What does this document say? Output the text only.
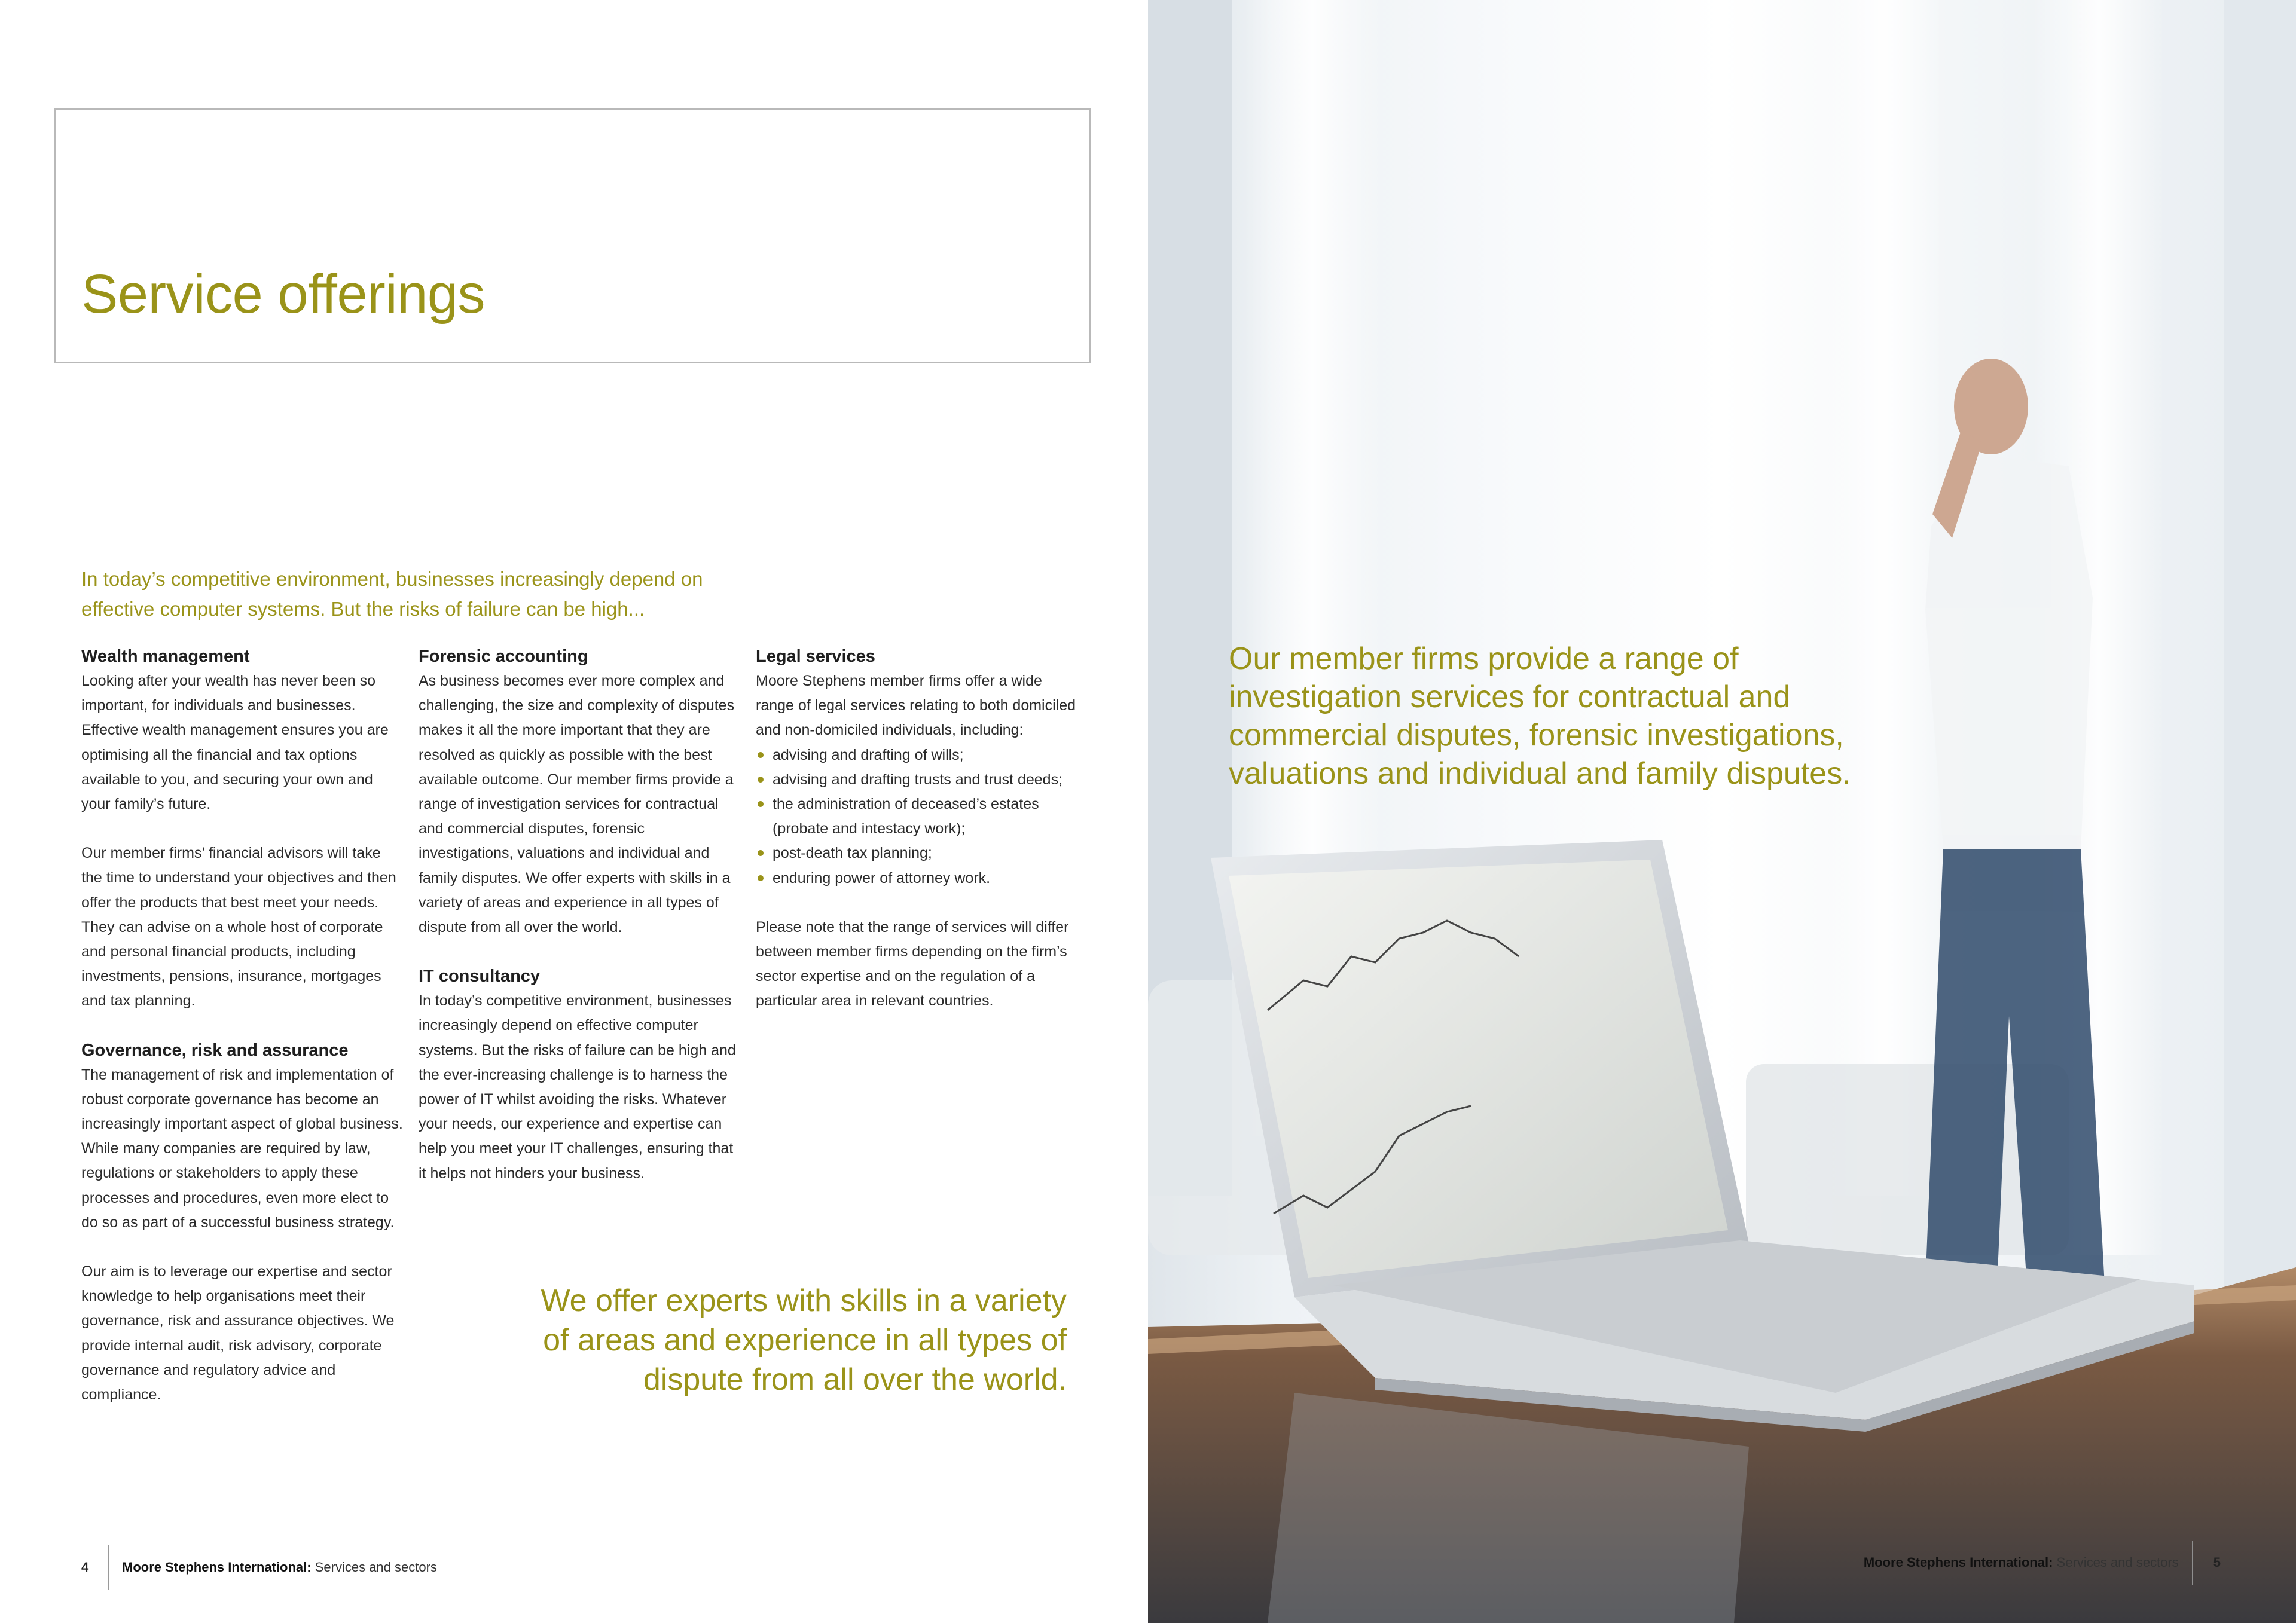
Service offerings

In today’s competitive environment, businesses increasingly depend on effective computer systems. But the risks of failure can be high...

Wealth management

Looking after your wealth has never been so important, for individuals and businesses. Effective wealth management ensures you are optimising all the financial and tax options available to you, and securing your own and your family’s future.

Our member firms’ financial advisors will take the time to understand your objectives and then offer the products that best meet your needs. They can advise on a whole host of corporate and personal financial products, including investments, pensions, insurance, mortgages and tax planning.

Governance, risk and assurance

The management of risk and implementation of robust corporate governance has become an increasingly important aspect of global business. While many companies are required by law, regulations or stakeholders to apply these processes and procedures, even more elect to do so as part of a successful business strategy.

Our aim is to leverage our expertise and sector knowledge to help organisations meet their governance, risk and assurance objectives. We provide internal audit, risk advisory, corporate governance and regulatory advice and compliance.

Forensic accounting

As business becomes ever more complex and challenging, the size and complexity of disputes makes it all the more important that they are resolved as quickly as possible with the best available outcome. Our member firms provide a range of investigation services for contractual and commercial disputes, forensic investigations, valuations and individual and family disputes. We offer experts with skills in a variety of areas and experience in all types of dispute from all over the world.

IT consultancy

In today’s competitive environment, businesses increasingly depend on effective computer systems. But the risks of failure can be high and the ever-increasing challenge is to harness the power of IT whilst avoiding the risks. Whatever your needs, our experience and expertise can help you meet your IT challenges, ensuring that it helps not hinders your business.

Legal services

Moore Stephens member firms offer a wide range of legal services relating to both domiciled and non-domiciled individuals, including:

advising and drafting of wills;
advising and drafting trusts and trust deeds;
the administration of deceased’s estates (probate and intestacy work);
post-death tax planning;
enduring power of attorney work.

Please note that the range of services will differ between member firms depending on the firm’s sector expertise and on the regulation of a particular area in relevant countries.

We offer experts with skills in a variety of areas and experience in all types of dispute from all over the world.

4	Moore Stephens International: Services and sectors

Our member firms provide a range of investigation services for contractual and commercial disputes, forensic investigations, valuations and individual and family disputes.

Moore Stephens International: Services and sectors	5
